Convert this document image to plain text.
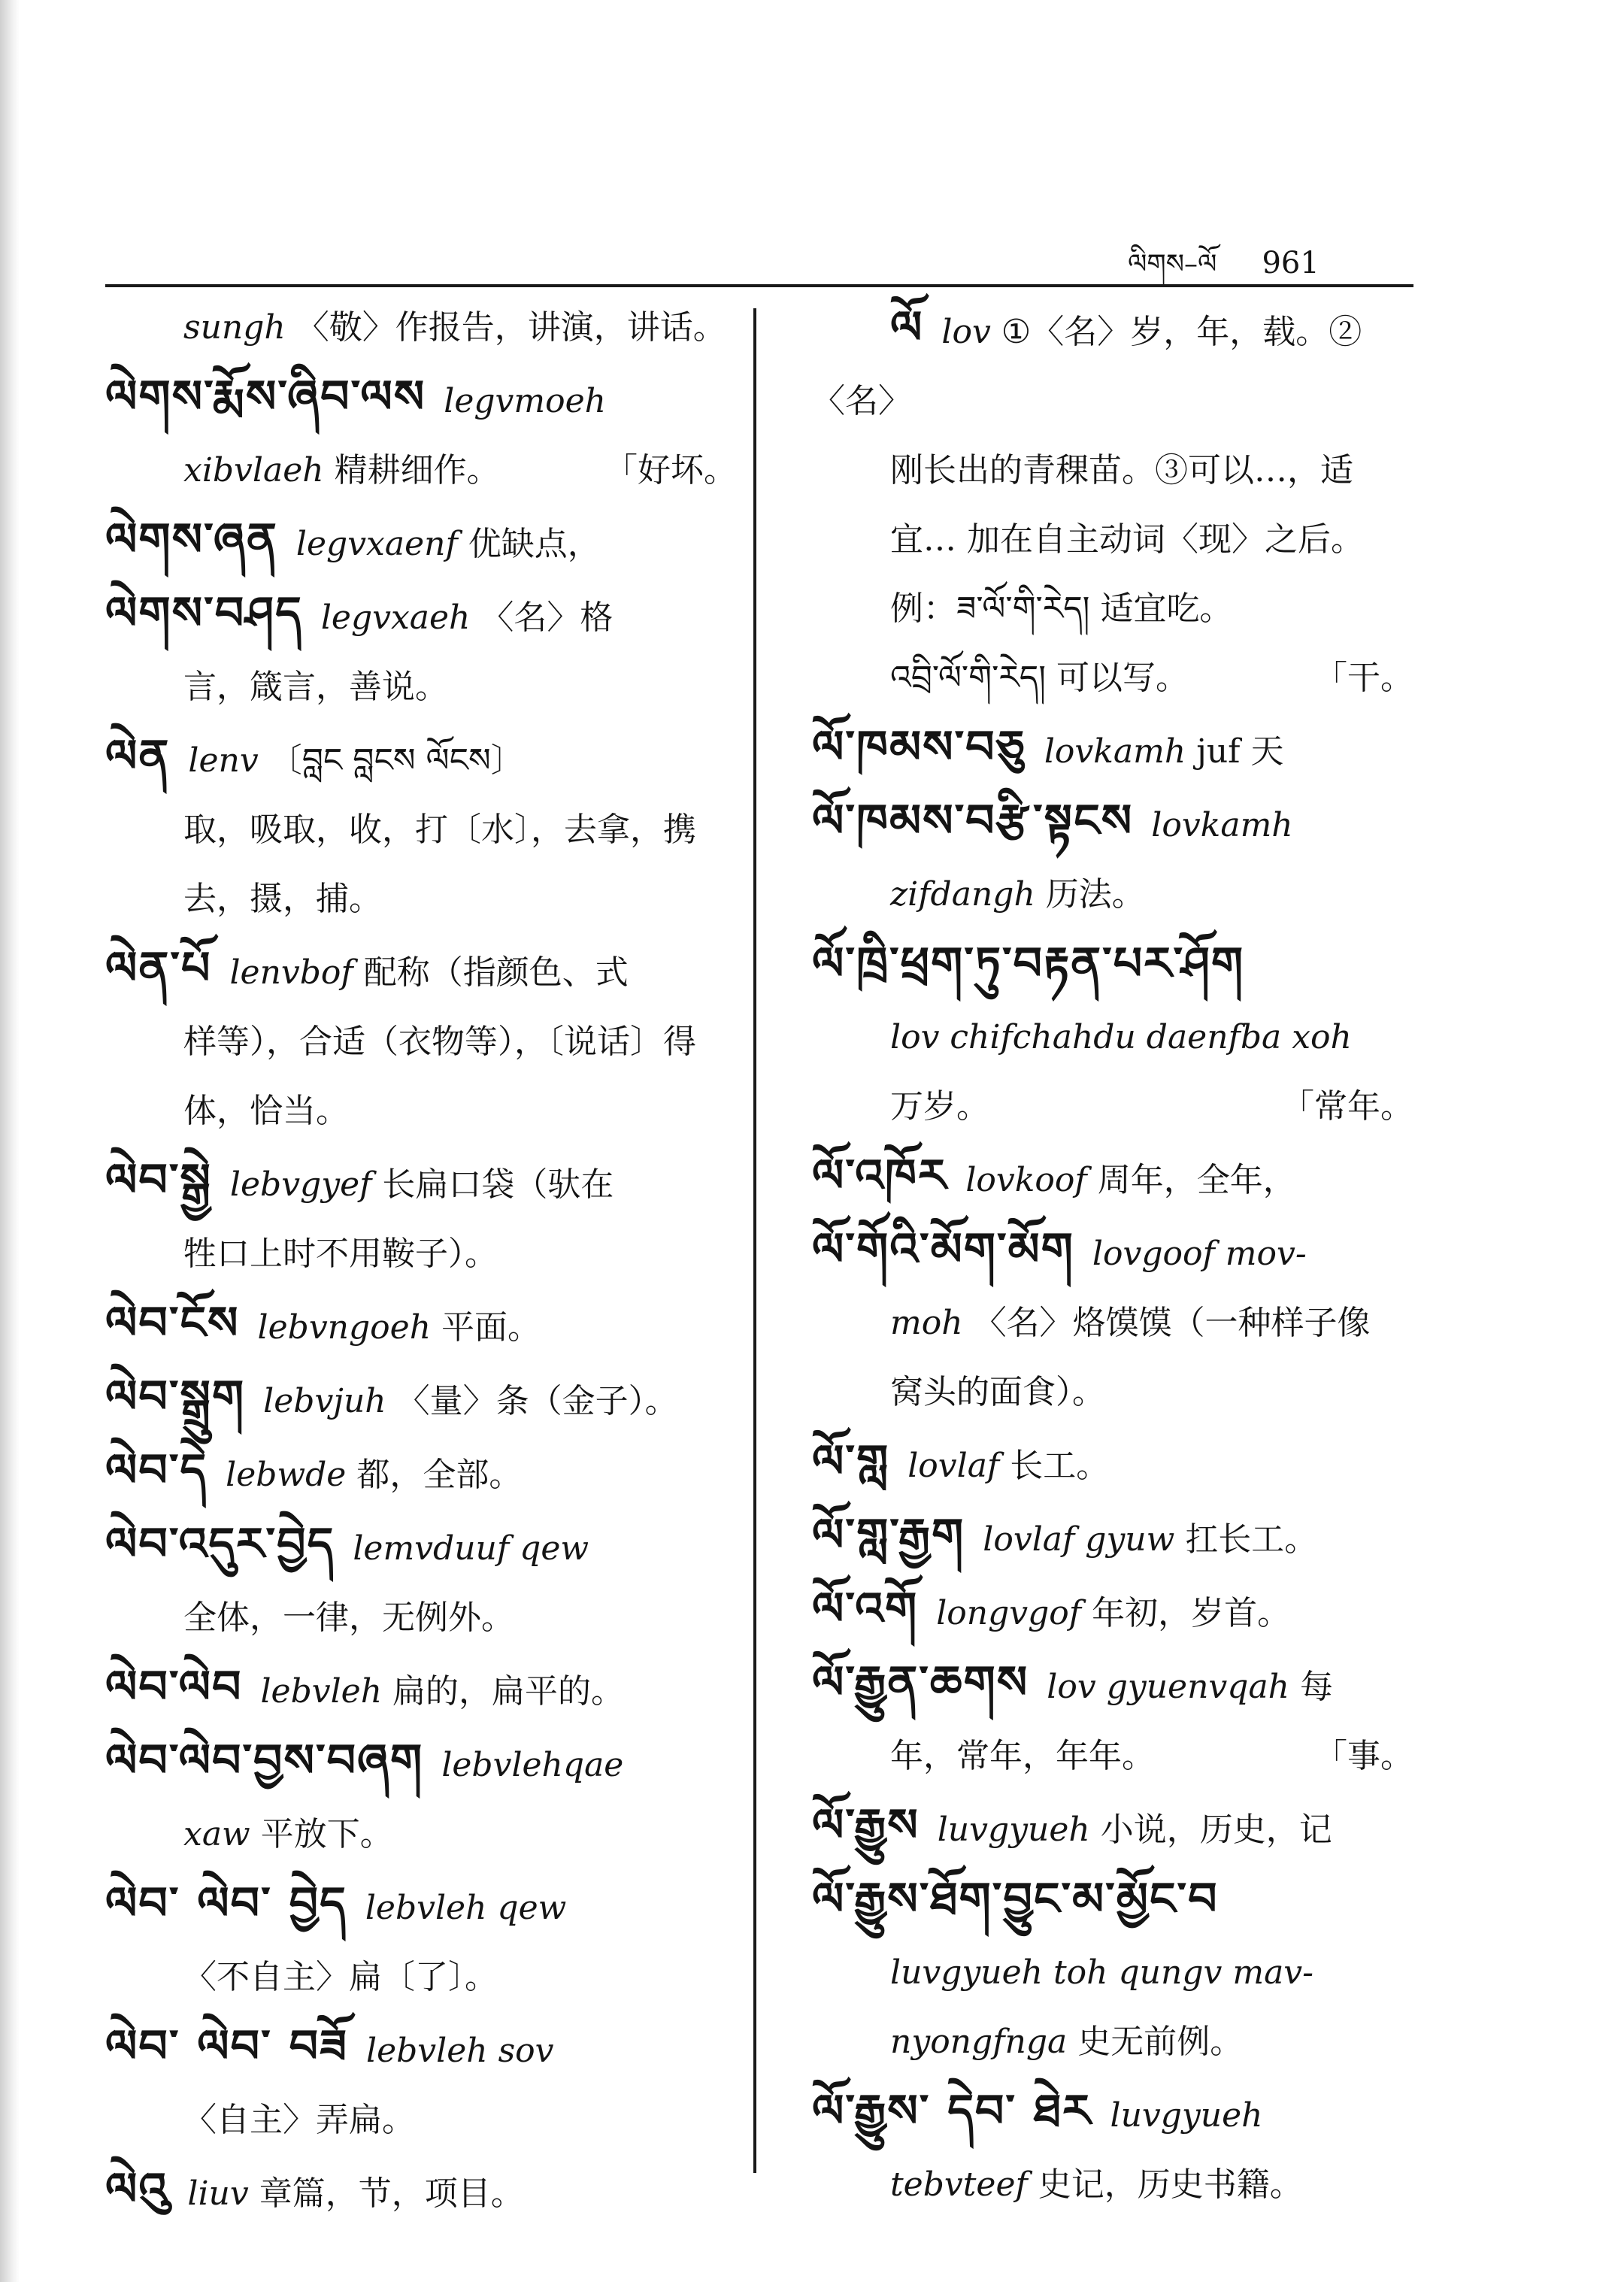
ལིགས–ལོ 961
sungh 〈敬〉作报告，讲演，讲话。
ལེགས་རྨོས་ཞིབ་ལས legvmoeh
xibvlaeh 精耕细作。	「好坏。
ལེགས་ཞན legvxaenf 优缺点，
ལེགས་བཤད legvxaeh 〈名〉格
言，箴言，善说。
ལེན lenv 〔བླང བླངས ལོངས〕
取，吸取，收，打〔水〕，去拿，携
去，摄，捕。
ལེན་པོ lenvbof 配称（指颜色、式
样等），合适（衣物等），〔说话〕得
体，恰当。
ལེབ་སྒྱེ lebvgyef 长扁口袋（驮在
牲口上时不用鞍子）。
ལེབ་ངོས lebvngoeh 平面。
ལེབ་སྒྲུག lebvjuh 〈量〉条（金子）。
ལེབ་དེ lebwde 都，全部。
ལེབ་འདུར་བྱེད lemvduuf qew
全体，一律，无例外。
ལེབ་ལེབ lebvleh 扁的，扁平的。
ལེབ་ལེབ་བྱས་བཞག lebvlehqae
xaw 平放下。
ལེབ་ ལེབ་ བྱེད lebvleh qew
〈不自主〉扁〔了〕。
ལེབ་ ལེབ་ བཟོ lebvleh sov
〈自主〉弄扁。
ལེའུ liuv 章篇，节，项目。
ལོ lov ①〈名〉岁，年，载。②〈名〉
刚长出的青稞苗。③可以…，适
宜… 加在自主动词〈现〉之后。
例：ཟ་ལོ་གི་རེད། 适宜吃。
འབྲི་ལོ་གི་རེད། 可以写。	「干。
ལོ་ཁམས་བཅུ lovkamh juf 天
ལོ་ཁམས་བརྩི་སྟངས lovkamh
zifdangh 历法。
ལོ་ཁྲི་ཕྲག་ཏུ་བརྟན་པར་ཤོག
lov chifchahdu daenfba xoh
万岁。	「常年。
ལོ་འཁོར lovkoof 周年，全年，
ལོ་གོའི་མོག་མོག lovgoof mov-
moh 〈名〉烙馍馍（一种样子像
窝头的面食）。
ལོ་གླ lovlaf 长工。
ལོ་གླ་རྒྱག lovlaf gyuw 扛长工。
ལོ་འགོ longvgof 年初，岁首。
ལོ་རྒྱུན་ཆགས lov gyuenvqah 每
年，常年，年年。	「事。
ལོ་རྒྱུས luvgyueh 小说，历史，记
ལོ་རྒྱུས་ཐོག་བྱུང་མ་མྱོང་བ
luvgyueh toh qungv mav-
nyongfnga 史无前例。
ལོ་རྒྱུས་ དེབ་ ཐེར luvgyueh
tebvteef 史记，历史书籍。
